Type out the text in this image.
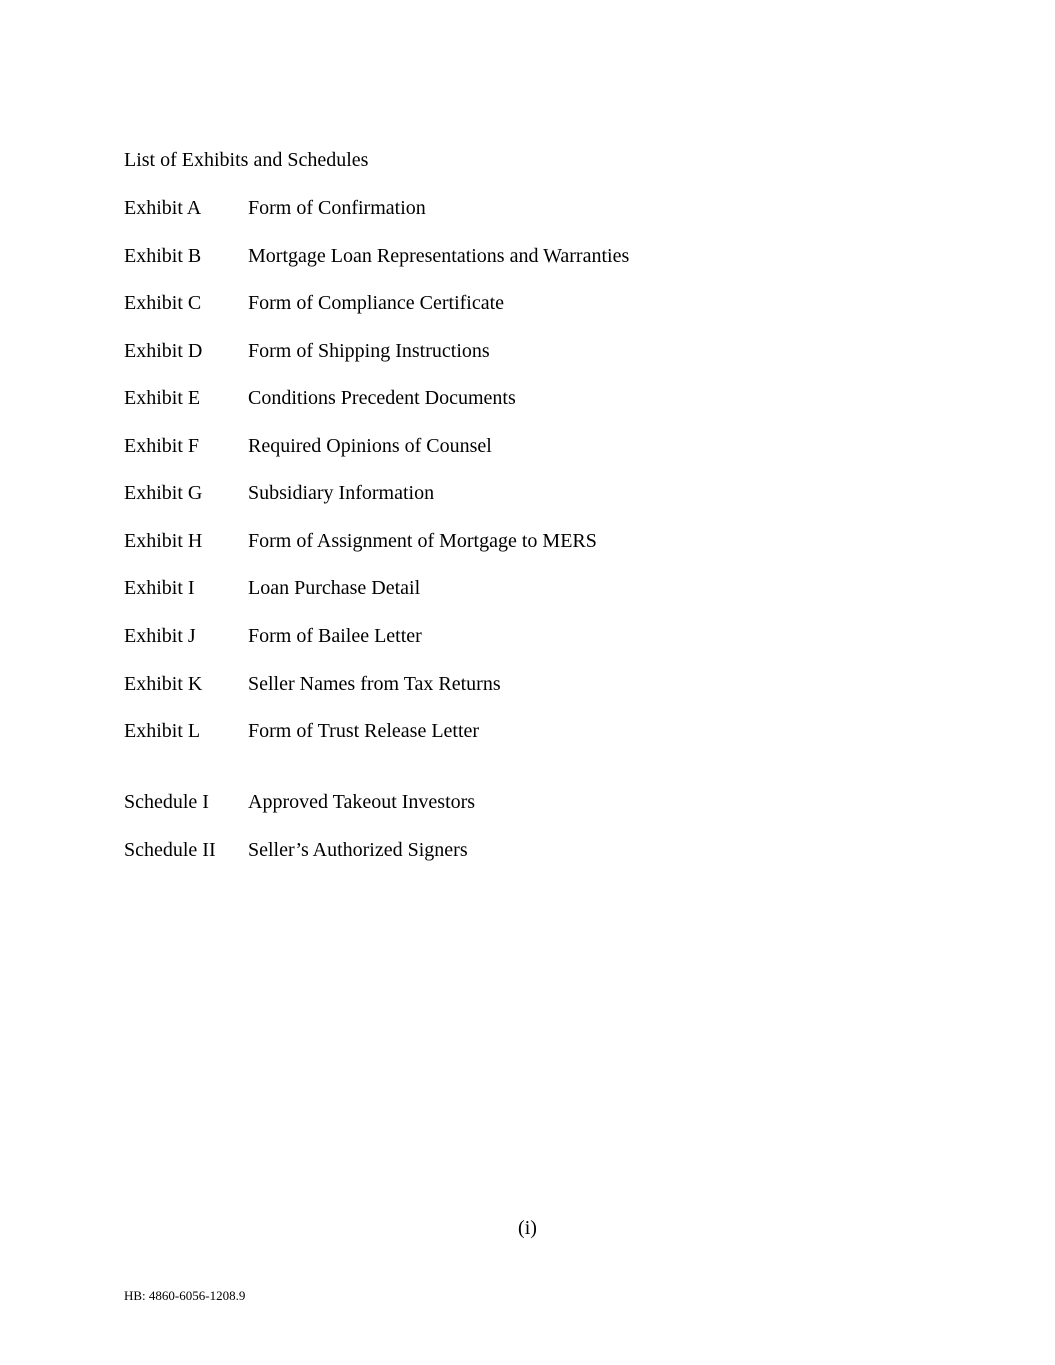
List of Exhibits and Schedules
Exhibit A Form of Confirmation
Exhibit B Mortgage Loan Representations and Warranties
Exhibit C Form of Compliance Certificate
Exhibit D Form of Shipping Instructions
Exhibit E Conditions Precedent Documents
Exhibit F Required Opinions of Counsel
Exhibit G Subsidiary Information
Exhibit H Form of Assignment of Mortgage to MERS
Exhibit I	Loan Purchase Detail
Exhibit J	Form of Bailee Letter
Exhibit K Seller Names from Tax Returns
Exhibit L Form of Trust Release Letter
Schedule I Approved Takeout Investors
Schedule II Seller’s Authorized Signers
(i)
HB: 4860-6056-1208.9
